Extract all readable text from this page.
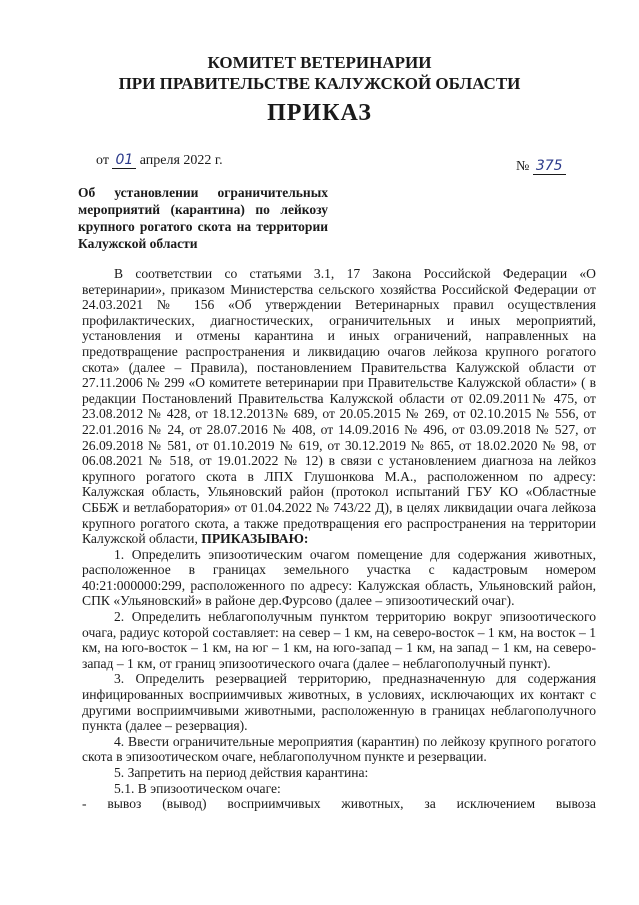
КОМИТЕТ ВЕТЕРИНАРИИ
ПРИ ПРАВИТЕЛЬСТВЕ КАЛУЖСКОЙ ОБЛАСТИ
ПРИКАЗ
от 01 апреля 2022 г.	№ 375
Об установлении ограничительных мероприятий (карантина) по лейкозу крупного рогатого скота на территории Калужской области

В соответствии со статьями 3.1, 17 Закона Российской Федерации «О ветеринарии», приказом Министерства сельского хозяйства Российской Федерации от 24.03.2021 № 156 «Об утверждении Ветеринарных правил осуществления профилактических, диагностических, ограничительных и иных мероприятий, установления и отмены карантина и иных ограничений, направленных на предотвращение распространения и ликвидацию очагов лейкоза крупного рогатого скота» (далее – Правила), постановлением Правительства Калужской области от 27.11.2006 № 299 «О комитете ветеринарии при Правительстве Калужской области» ( в редакции Постановлений Правительства Калужской области от 02.09.2011№ 475, от 23.08.2012 № 428, от 18.12.2013№ 689, от 20.05.2015 № 269, от 02.10.2015 № 556, от 22.01.2016 № 24, от 28.07.2016 № 408, от 14.09.2016 № 496, от 03.09.2018 № 527, от 26.09.2018 № 581, от 01.10.2019 № 619, от 30.12.2019 № 865, от 18.02.2020 № 98, от 06.08.2021 № 518, от 19.01.2022 № 12) в связи с установлением диагноза на лейкоз крупного рогатого скота в ЛПХ Глушонкова М.А., расположенном по адресу: Калужская область, Ульяновский район (протокол испытаний ГБУ КО «Областные СББЖ и ветлаборатория» от 01.04.2022 № 743/22 Д), в целях ликвидации очага лейкоза крупного рогатого скота, а также предотвращения его распространения на территории Калужской области, ПРИКАЗЫВАЮ:

1. Определить эпизоотическим очагом помещение для содержания животных, расположенное в границах земельного участка с кадастровым номером 40:21:000000:299, расположенного по адресу: Калужская область, Ульяновский район, СПК «Ульяновский» в районе дер.Фурсово (далее – эпизоотический очаг).

2. Определить неблагополучным пунктом территорию вокруг эпизоотического очага, радиус которой составляет: на север – 1 км, на северо-восток – 1 км, на восток – 1 км, на юго-восток – 1 км, на юг – 1 км, на юго-запад – 1 км, на запад – 1 км, на северо-запад – 1 км, от границ эпизоотического очага (далее – неблагополучный пункт).

3. Определить резервацией территорию, предназначенную для содержания инфицированных восприимчивых животных, в условиях, исключающих их контакт с другими восприимчивыми животными, расположенную в границах неблагополучного пункта (далее – резервация).

4. Ввести ограничительные мероприятия (карантин) по лейкозу крупного рогатого скота в эпизоотическом очаге, неблагополучном пункте и резервации.

5. Запретить на период действия карантина:

5.1. В эпизоотическом очаге:

- вывоз (вывод) восприимчивых животных, за исключением вывоза
